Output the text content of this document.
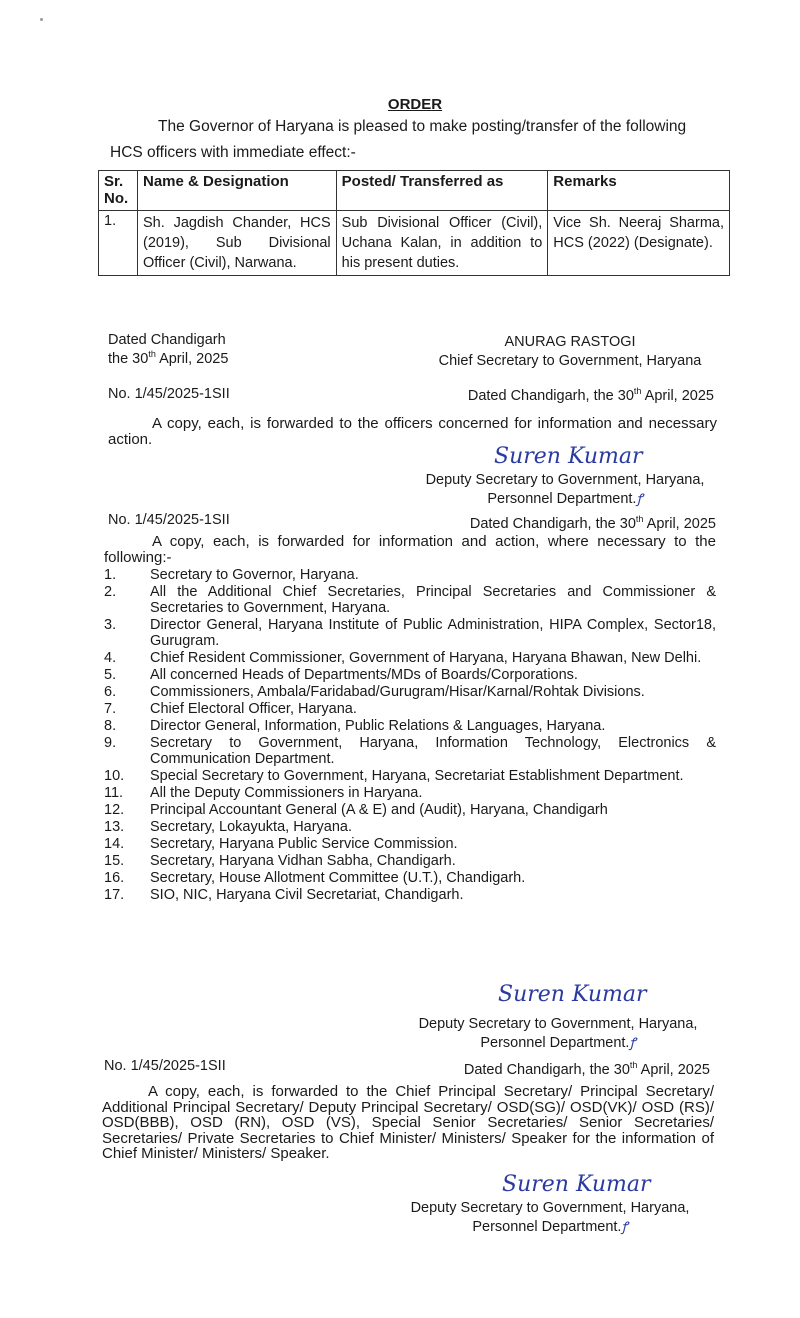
ORDER
The Governor of Haryana is pleased to make posting/transfer of the following
HCS officers with immediate effect:-
Sr. No.	Name & Designation	Posted/ Transferred as	Remarks
1.	Sh. Jagdish Chander, HCS (2019), Sub Divisional Officer (Civil), Narwana.	Sub Divisional Officer (Civil), Uchana Kalan, in addition to his present duties.	Vice Sh. Neeraj Sharma, HCS (2022) (Designate).
Dated Chandigarh
the 30th April, 2025
ANURAG RASTOGI
Chief Secretary to Government, Haryana
No. 1/45/2025-1SII	Dated Chandigarh, the 30th April, 2025
A copy, each, is forwarded to the officers concerned for information and necessary action.
Suren Kumar
Deputy Secretary to Government, Haryana,
Personnel Department.ꝭ
No. 1/45/2025-1SII	Dated Chandigarh, the 30th April, 2025
A copy, each, is forwarded for information and action, where necessary to the following:-
1.	Secretary to Governor, Haryana.
2.	All the Additional Chief Secretaries, Principal Secretaries and Commissioner & Secretaries to Government, Haryana.
3.	Director General, Haryana Institute of Public Administration, HIPA Complex, Sector18, Gurugram.
4.	Chief Resident Commissioner, Government of Haryana, Haryana Bhawan, New Delhi.
5.	All concerned Heads of Departments/MDs of Boards/Corporations.
6.	Commissioners, Ambala/Faridabad/Gurugram/Hisar/Karnal/Rohtak Divisions.
7.	Chief Electoral Officer, Haryana.
8.	Director General, Information, Public Relations & Languages, Haryana.
9.	Secretary to Government, Haryana, Information Technology, Electronics & Communication Department.
10.	Special Secretary to Government, Haryana, Secretariat Establishment Department.
11.	All the Deputy Commissioners in Haryana.
12.	Principal Accountant General (A & E) and (Audit), Haryana, Chandigarh
13.	Secretary, Lokayukta, Haryana.
14.	Secretary, Haryana Public Service Commission.
15.	Secretary, Haryana Vidhan Sabha, Chandigarh.
16.	Secretary, House Allotment Committee (U.T.), Chandigarh.
17.	SIO, NIC, Haryana Civil Secretariat, Chandigarh.
Suren Kumar
Deputy Secretary to Government, Haryana,
Personnel Department.ꝭ
No. 1/45/2025-1SII	Dated Chandigarh, the 30th April, 2025
A copy, each, is forwarded to the Chief Principal Secretary/ Principal Secretary/ Additional Principal Secretary/ Deputy Principal Secretary/ OSD(SG)/ OSD(VK)/ OSD (RS)/ OSD(BBB), OSD (RN), OSD (VS), Special Senior Secretaries/ Senior Secretaries/ Secretaries/ Private Secretaries to Chief Minister/ Ministers/ Speaker for the information of Chief Minister/ Ministers/ Speaker.
Suren Kumar
Deputy Secretary to Government, Haryana,
Personnel Department.ꝭ
